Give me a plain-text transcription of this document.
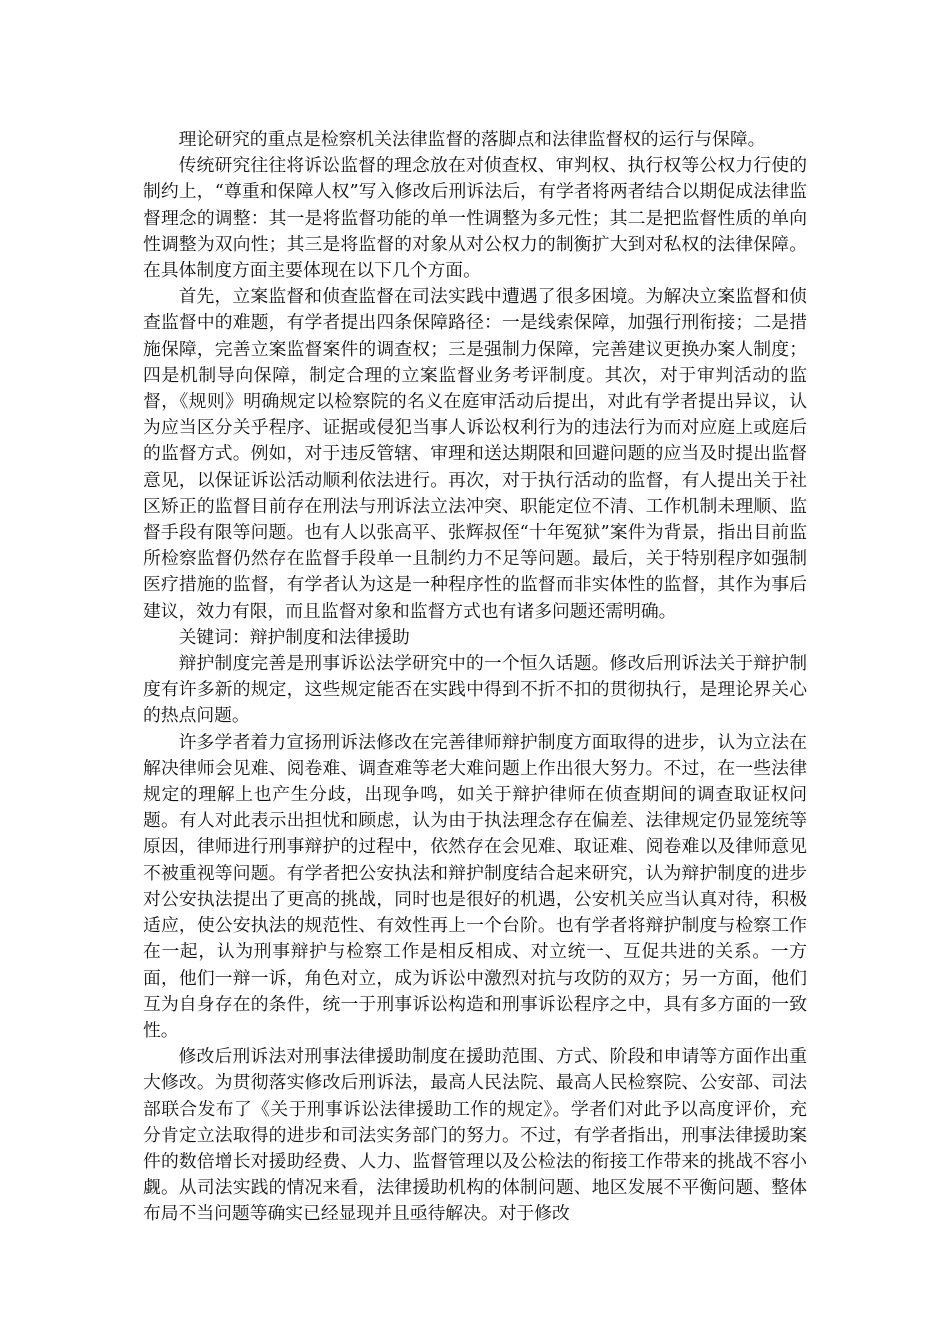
理论研究的重点是检察机关法律监督的落脚点和法律监督权的运行与保障。

传统研究往往将诉讼监督的理念放在对侦查权、审判权、执行权等公权力行使的制约上，“尊重和保障人权”写入修改后刑诉法后，有学者将两者结合以期促成法律监督理念的调整：其一是将监督功能的单一性调整为多元性；其二是把监督性质的单向性调整为双向性；其三是将监督的对象从对公权力的制衡扩大到对私权的法律保障。在具体制度方面主要体现在以下几个方面。

首先，立案监督和侦查监督在司法实践中遭遇了很多困境。为解决立案监督和侦查监督中的难题，有学者提出四条保障路径：一是线索保障，加强行刑衔接；二是措施保障，完善立案监督案件的调查权；三是强制力保障，完善建议更换办案人制度；四是机制导向保障，制定合理的立案监督业务考评制度。其次，对于审判活动的监督，《规则》明确规定以检察院的名义在庭审活动后提出，对此有学者提出异议，认为应当区分关乎程序、证据或侵犯当事人诉讼权利行为的违法行为而对应庭上或庭后的监督方式。例如，对于违反管辖、审理和送达期限和回避问题的应当及时提出监督意见，以保证诉讼活动顺利依法进行。再次，对于执行活动的监督，有人提出关于社区矫正的监督目前存在刑法与刑诉法立法冲突、职能定位不清、工作机制未理顺、监督手段有限等问题。也有人以张高平、张辉叔侄“十年冤狱”案件为背景，指出目前监所检察监督仍然存在监督手段单一且制约力不足等问题。最后，关于特别程序如强制医疗措施的监督，有学者认为这是一种程序性的监督而非实体性的监督，其作为事后建议，效力有限，而且监督对象和监督方式也有诸多问题还需明确。

关键词：辩护制度和法律援助

辩护制度完善是刑事诉讼法学研究中的一个恒久话题。修改后刑诉法关于辩护制度有许多新的规定，这些规定能否在实践中得到不折不扣的贯彻执行，是理论界关心的热点问题。

许多学者着力宣扬刑诉法修改在完善律师辩护制度方面取得的进步，认为立法在解决律师会见难、阅卷难、调查难等老大难问题上作出很大努力。不过，在一些法律规定的理解上也产生分歧，出现争鸣，如关于辩护律师在侦查期间的调查取证权问题。有人对此表示出担忧和顾虑，认为由于执法理念存在偏差、法律规定仍显笼统等原因，律师进行刑事辩护的过程中，依然存在会见难、取证难、阅卷难以及律师意见不被重视等问题。有学者把公安执法和辩护制度结合起来研究，认为辩护制度的进步对公安执法提出了更高的挑战，同时也是很好的机遇，公安机关应当认真对待，积极适应，使公安执法的规范性、有效性再上一个台阶。也有学者将辩护制度与检察工作在一起，认为刑事辩护与检察工作是相反相成、对立统一、互促共进的关系。一方面，他们一辩一诉，角色对立，成为诉讼中激烈对抗与攻防的双方；另一方面，他们互为自身存在的条件，统一于刑事诉讼构造和刑事诉讼程序之中，具有多方面的一致性。

修改后刑诉法对刑事法律援助制度在援助范围、方式、阶段和申请等方面作出重大修改。为贯彻落实修改后刑诉法，最高人民法院、最高人民检察院、公安部、司法部联合发布了《关于刑事诉讼法律援助工作的规定》。学者们对此予以高度评价，充分肯定立法取得的进步和司法实务部门的努力。不过，有学者指出，刑事法律援助案件的数倍增长对援助经费、人力、监督管理以及公检法的衔接工作带来的挑战不容小觑。从司法实践的情况来看，法律援助机构的体制问题、地区发展不平衡问题、整体布局不当问题等确实已经显现并且亟待解决。对于修改
